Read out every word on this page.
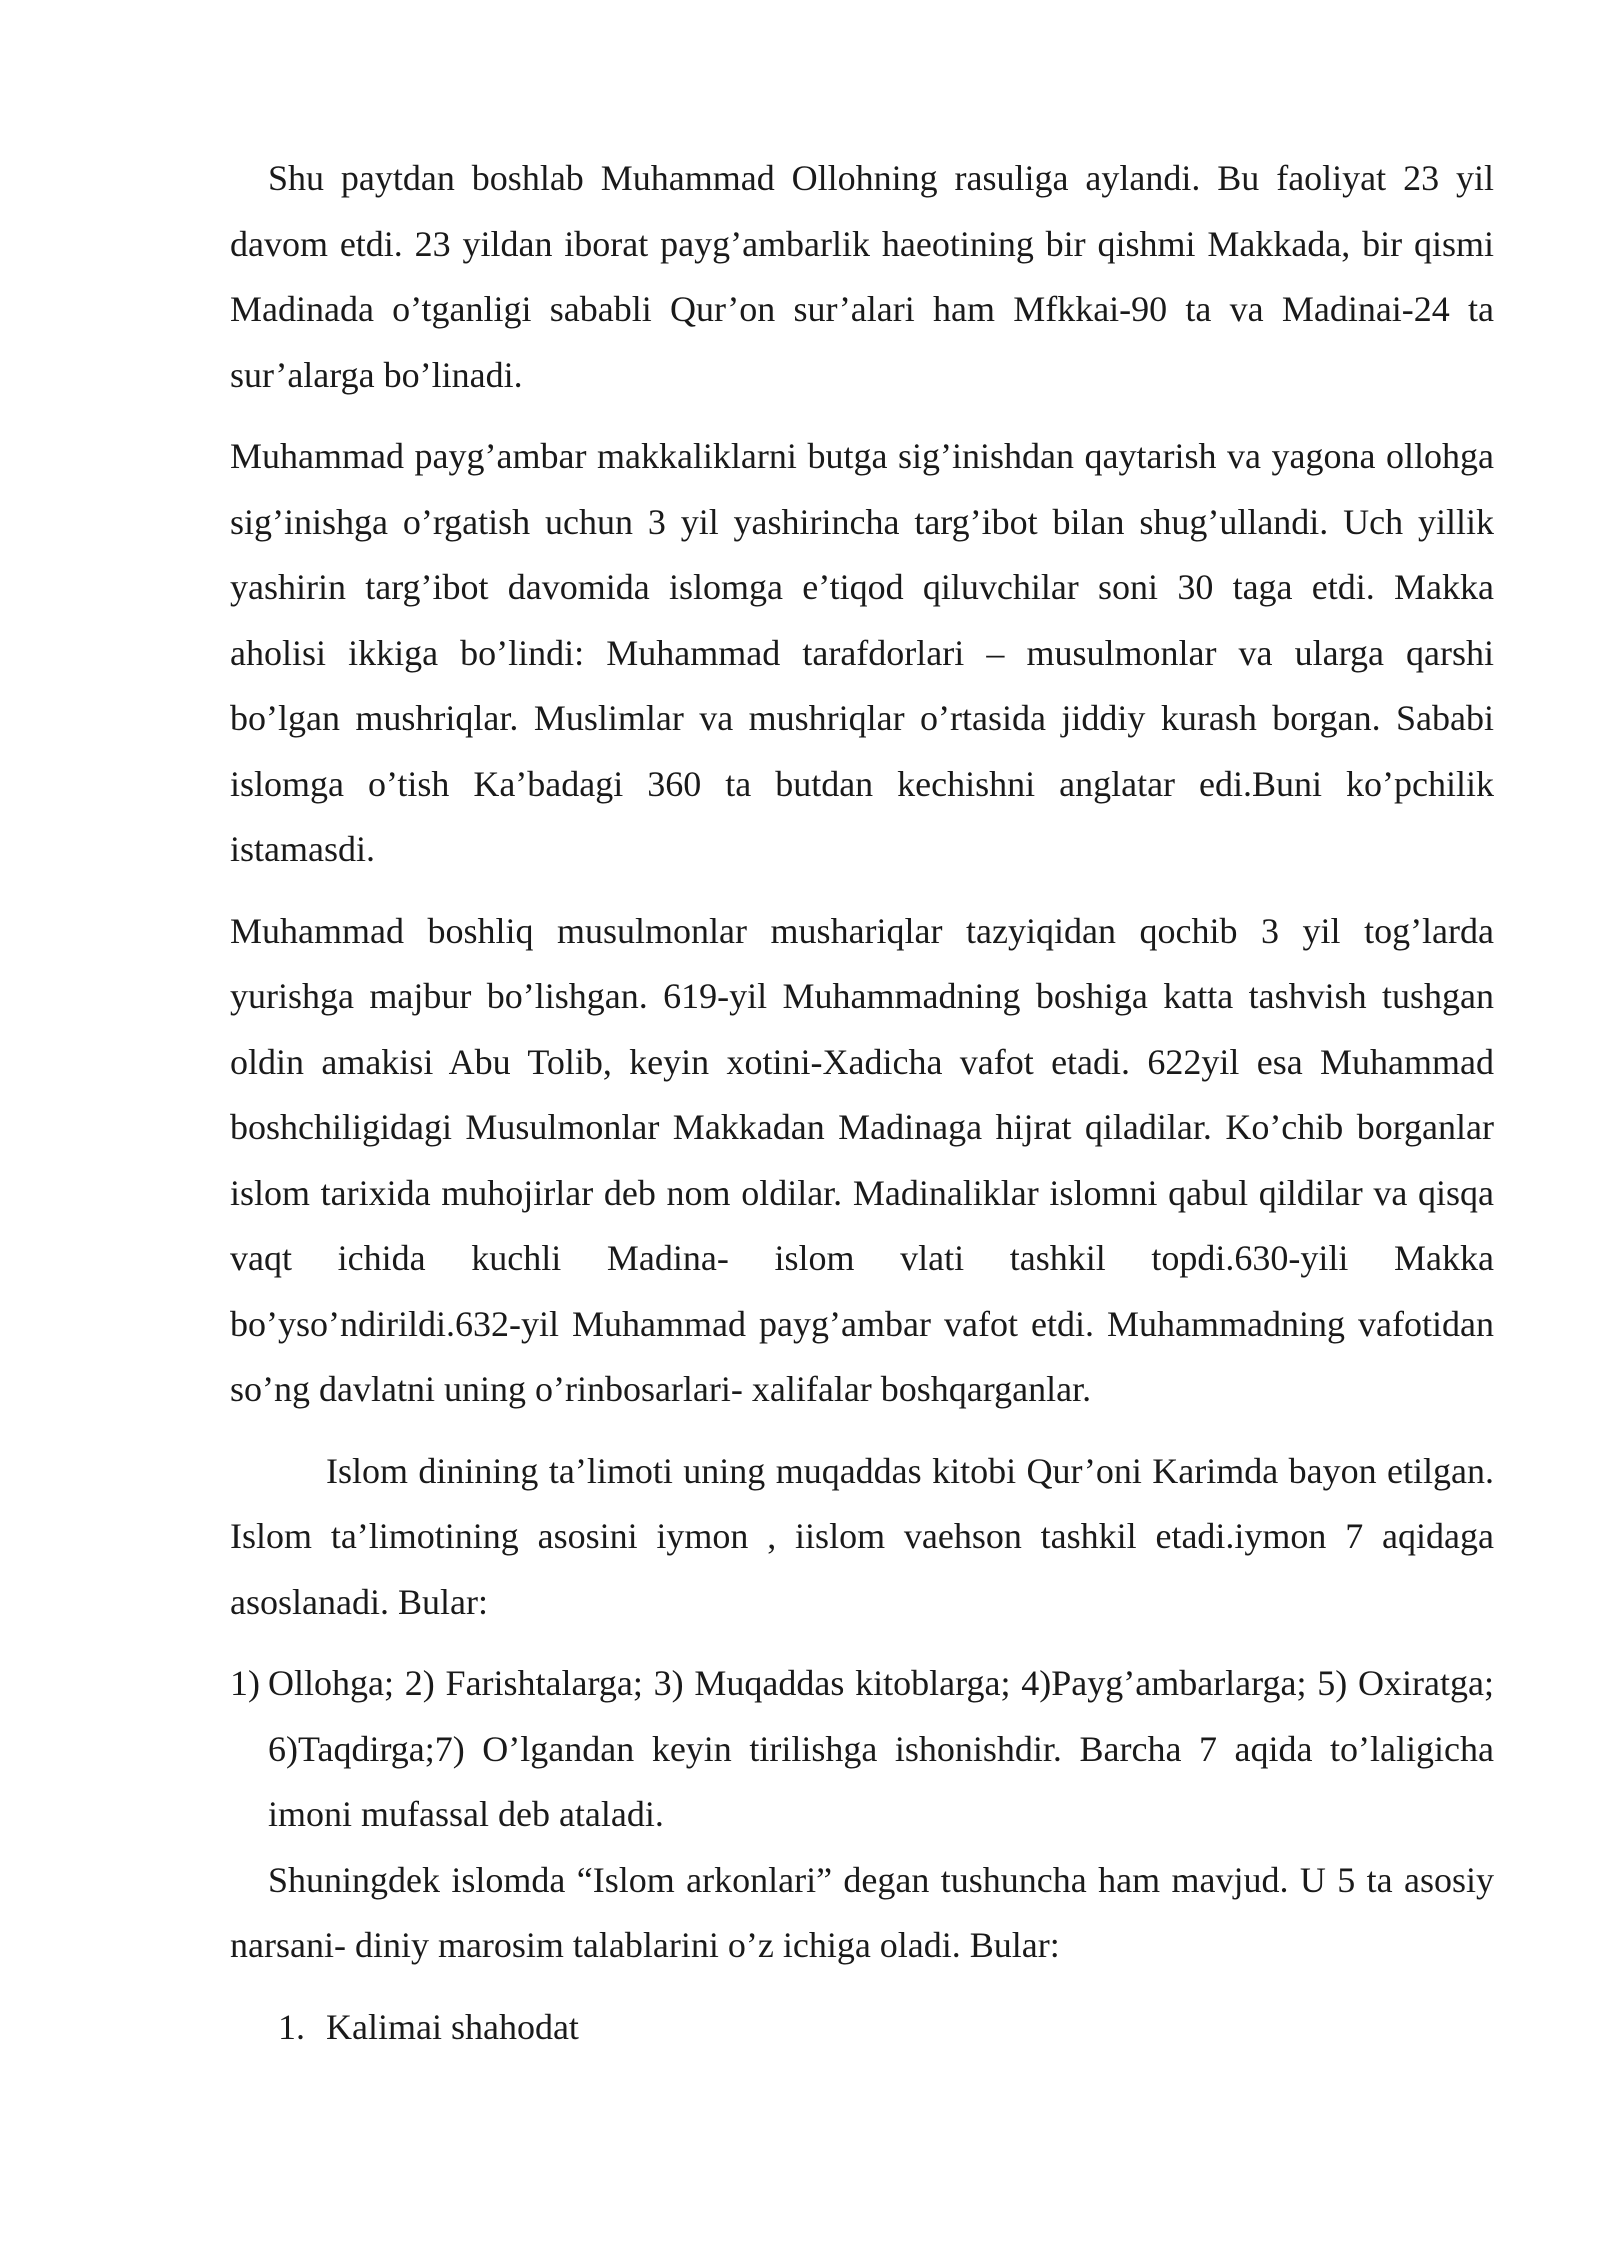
Shu paytdan boshlab Muhammad Ollohning rasuliga aylandi. Bu faoliyat 23 yil davom etdi. 23 yildan iborat payg’ambarlik haeotining bir qishmi Makkada, bir qismi Madinada o’tganligi sababli Qur’on sur’alari ham Mfkkai-90 ta va Madinai-24 ta sur’alarga bo’linadi.

Muhammad payg’ambar makkaliklarni butga sig’inishdan qaytarish va yagona ollohga sig’inishga o’rgatish uchun 3 yil yashirincha targ’ibot bilan shug’ullandi. Uch yillik yashirin targ’ibot davomida islomga e’tiqod qiluvchilar soni 30 taga etdi. Makka aholisi ikkiga bo’lindi: Muhammad tarafdorlari – musulmonlar va ularga qarshi bo’lgan mushriqlar. Muslimlar va mushriqlar o’rtasida jiddiy kurash borgan. Sababi islomga o’tish Ka’badagi 360 ta butdan kechishni anglatar edi.Buni ko’pchilik istamasdi.

Muhammad boshliq musulmonlar mushariqlar tazyiqidan qochib 3 yil tog’larda yurishga majbur bo’lishgan. 619-yil Muhammadning boshiga katta tashvish tushgan oldin amakisi Abu Tolib, keyin xotini-Xadicha vafot etadi. 622yil esa Muhammad boshchiligidagi Musulmonlar Makkadan Madinaga hijrat qiladilar. Ko’chib borganlar islom tarixida muhojirlar deb nom oldilar. Madinaliklar islomni qabul qildilar va qisqa vaqt ichida kuchli Madina- islom vlati tashkil topdi.630-yili Makka bo’yso’ndirildi.632-yil Muhammad payg’ambar vafot etdi. Muhammadning vafotidan so’ng davlatni uning o’rinbosarlari- xalifalar boshqarganlar.

Islom dinining ta’limoti uning muqaddas kitobi Qur’oni Karimda bayon etilgan. Islom ta’limotining asosini iymon , iislom vaehson tashkil etadi.iymon 7 aqidaga asoslanadi. Bular:

1) Ollohga; 2) Farishtalarga; 3) Muqaddas kitoblarga; 4)Payg’ambarlarga; 5) Oxiratga; 6)Taqdirga;7) O’lgandan keyin tirilishga ishonishdir. Barcha 7 aqida to’laligicha imoni mufassal deb ataladi.

Shuningdek islomda “Islom arkonlari” degan tushuncha ham mavjud. U 5 ta asosiy narsani- diniy marosim talablarini o’z ichiga oladi. Bular:

1. Kalimai shahodat
